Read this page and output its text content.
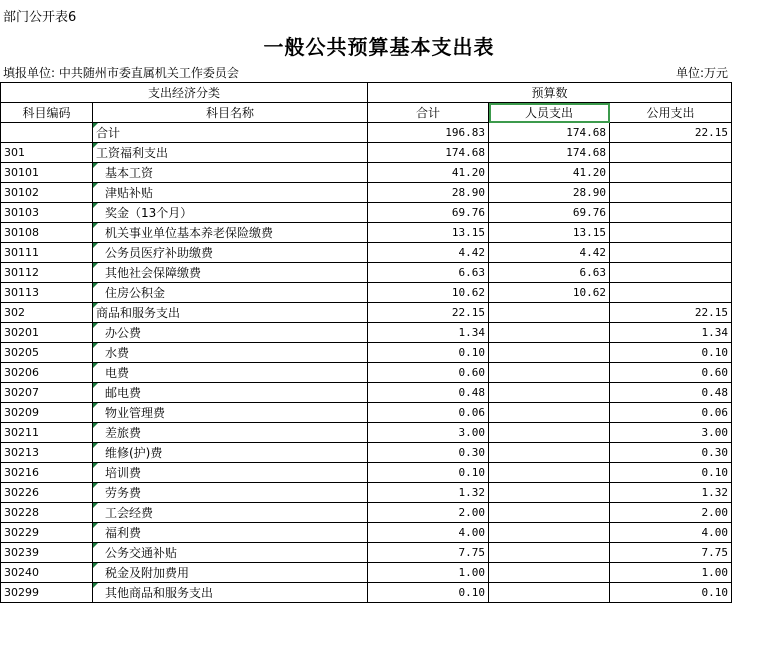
部门公开表6
一般公共预算基本支出表
填报单位: 中共随州市委直属机关工作委员会	单位:万元
支出经济分类		预算数		
科目编码	科目名称	合计	人员支出	公用支出
	合计	196.83	174.68	22.15
301	工资福利支出	174.68	174.68	
30101	基本工资	41.20	41.20	
30102	津贴补贴	28.90	28.90	
30103	奖金（13个月）	69.76	69.76	
30108	机关事业单位基本养老保险缴费	13.15	13.15	
30111	公务员医疗补助缴费	4.42	4.42	
30112	其他社会保障缴费	6.63	6.63	
30113	住房公积金	10.62	10.62	
302	商品和服务支出	22.15		22.15
30201	办公费	1.34		1.34
30205	水费	0.10		0.10
30206	电费	0.60		0.60
30207	邮电费	0.48		0.48
30209	物业管理费	0.06		0.06
30211	差旅费	3.00		3.00
30213	维修(护)费	0.30		0.30
30216	培训费	0.10		0.10
30226	劳务费	1.32		1.32
30228	工会经费	2.00		2.00
30229	福利费	4.00		4.00
30239	公务交通补贴	7.75		7.75
30240	税金及附加费用	1.00		1.00
30299	其他商品和服务支出	0.10		0.10
